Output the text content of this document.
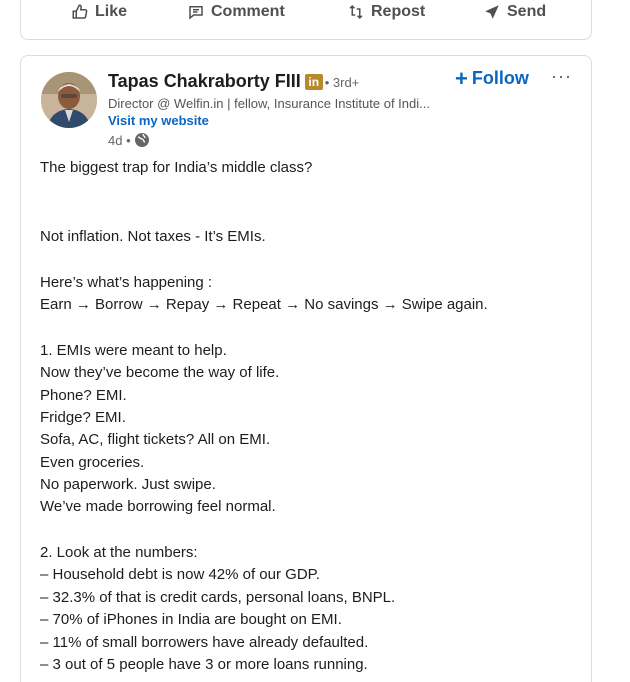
Like	Comment	Repost	Send
Tapas Chakraborty FIII in • 3rd+
Director @ Welfin.in | fellow, Insurance Institute of Indi...
Visit my website
4d •
+ Follow ···
The biggest trap for India’s middle class?
Not inflation. Not taxes - It’s EMIs.
Here’s what’s happening :
Earn → Borrow → Repay → Repeat → No savings → Swipe again.
1. EMIs were meant to help.
Now they’ve become the way of life.
Phone? EMI.
Fridge? EMI.
Sofa, AC, flight tickets? All on EMI.
Even groceries.
No paperwork. Just swipe.
We’ve made borrowing feel normal.
2. Look at the numbers:
– Household debt is now 42% of our GDP.
– 32.3% of that is credit cards, personal loans, BNPL.
– 70% of iPhones in India are bought on EMI.
– 11% of small borrowers have already defaulted.
– 3 out of 5 people have 3 or more loans running.
